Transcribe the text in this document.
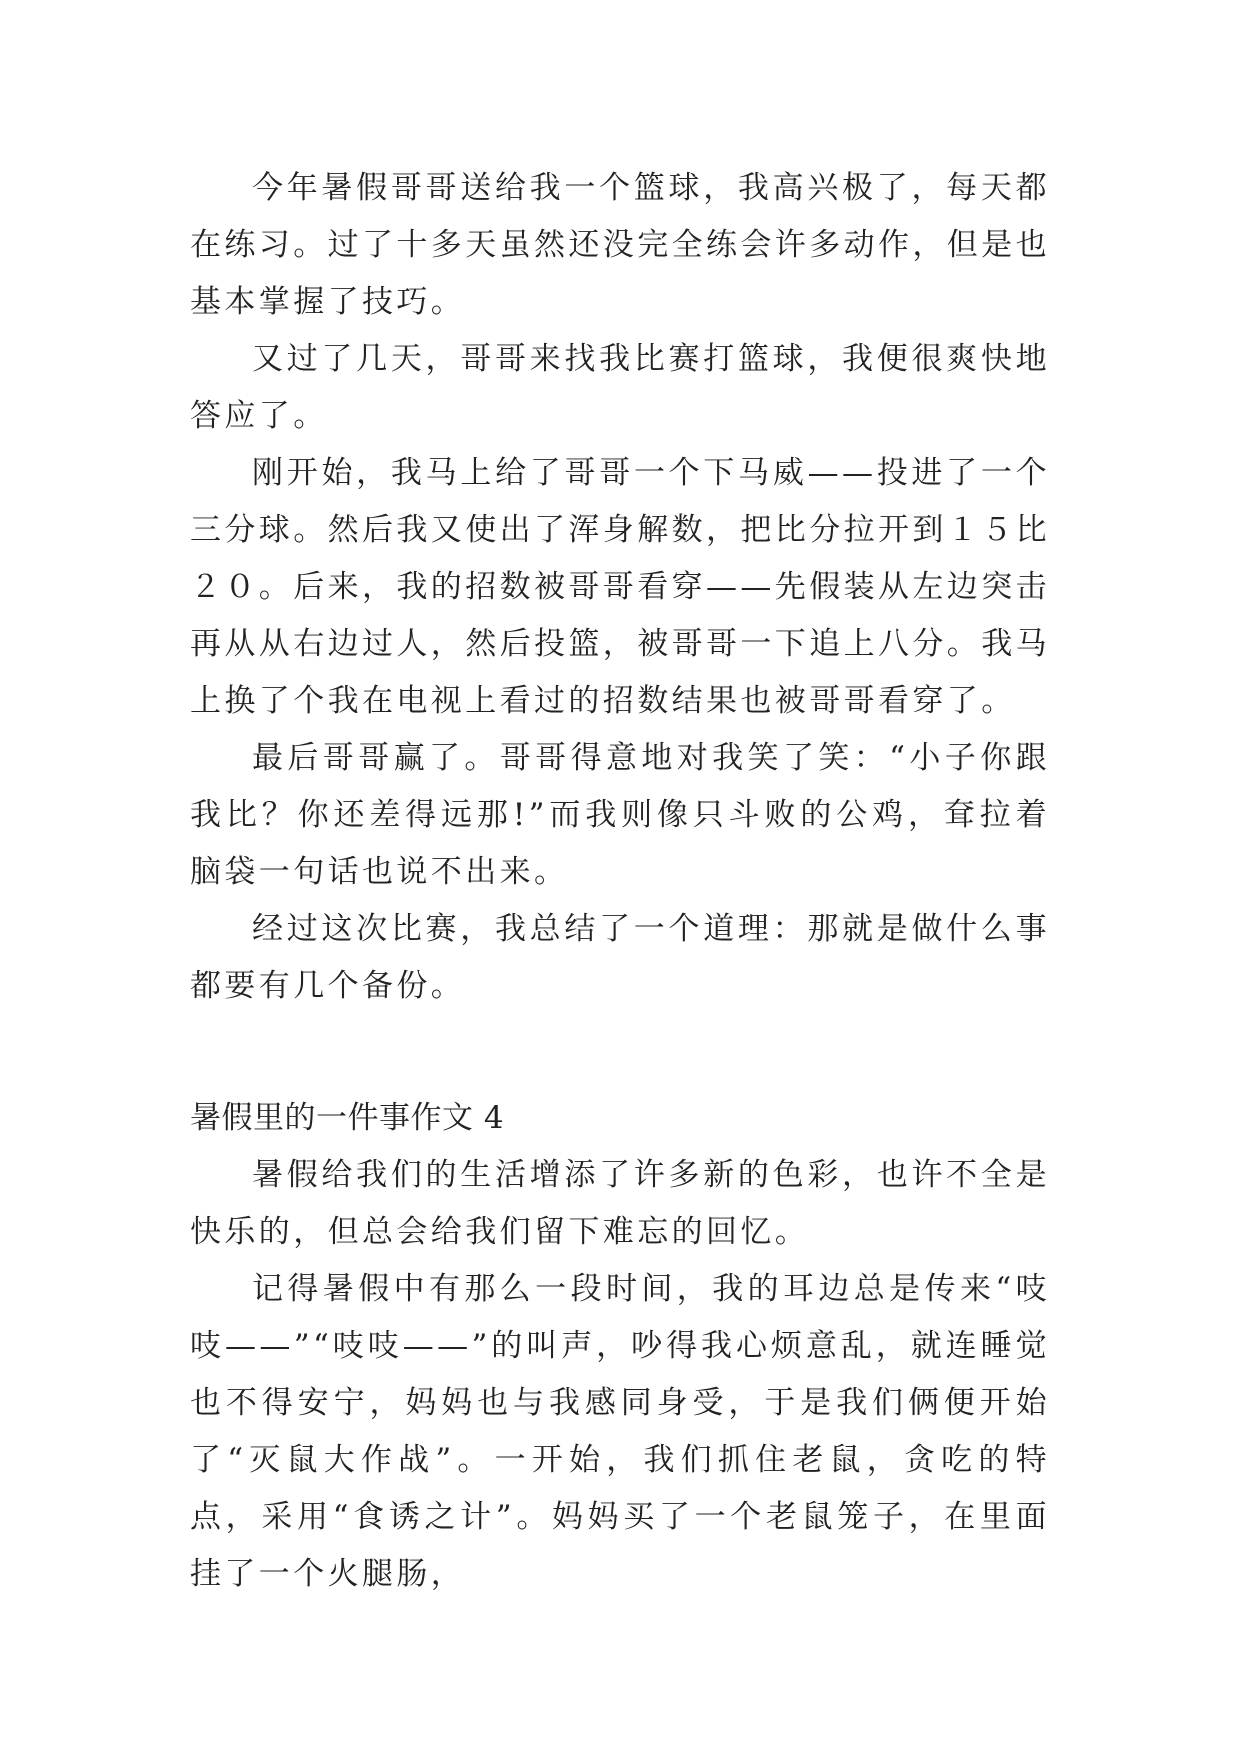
今年暑假哥哥送给我一个篮球，我高兴极了，每天都在练习。过了十多天虽然还没完全练会许多动作，但是也基本掌握了技巧。

又过了几天，哥哥来找我比赛打篮球，我便很爽快地答应了。

刚开始，我马上给了哥哥一个下马威——投进了一个三分球。然后我又使出了浑身解数，把比分拉开到１５比２０。后来，我的招数被哥哥看穿——先假装从左边突击再从从右边过人，然后投篮，被哥哥一下追上八分。我马上换了个我在电视上看过的招数结果也被哥哥看穿了。

最后哥哥赢了。哥哥得意地对我笑了笑：“小子你跟我比？你还差得远那!”而我则像只斗败的公鸡，耷拉着脑袋一句话也说不出来。

经过这次比赛，我总结了一个道理：那就是做什么事都要有几个备份。

暑假里的一件事作文 4

暑假给我们的生活增添了许多新的色彩，也许不全是快乐的，但总会给我们留下难忘的回忆。

记得暑假中有那么一段时间，我的耳边总是传来“吱吱——”“吱吱——”的叫声，吵得我心烦意乱，就连睡觉也不得安宁，妈妈也与我感同身受，于是我们俩便开始了“灭鼠大作战”。一开始，我们抓住老鼠，贪吃的特点，采用“食诱之计”。妈妈买了一个老鼠笼子，在里面挂了一个火腿肠，
